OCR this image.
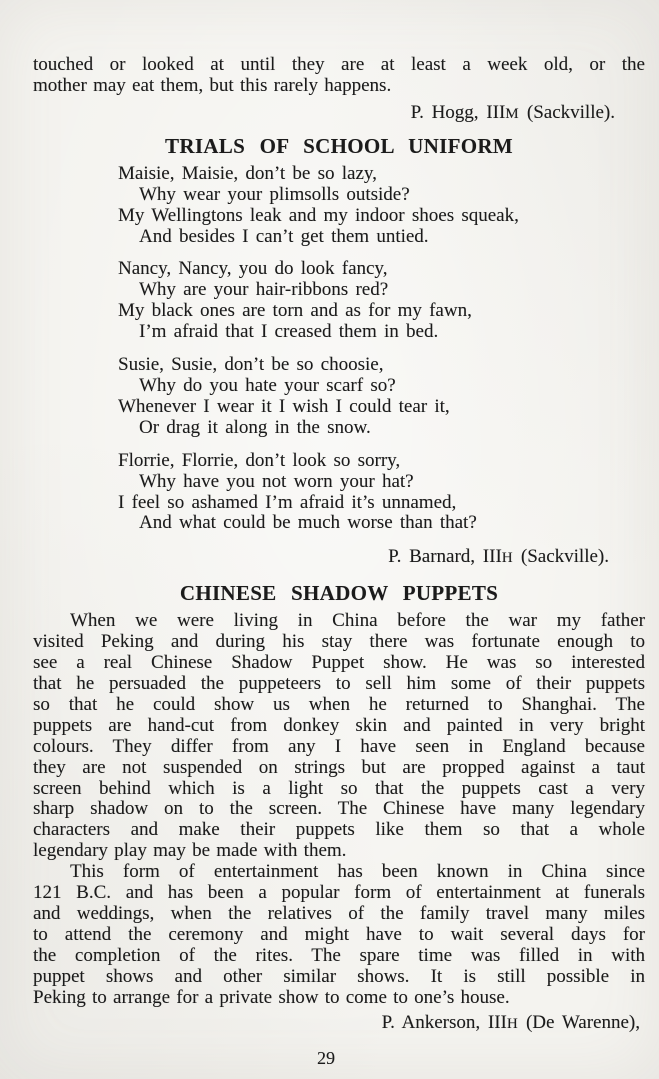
touched or looked at until they are at least a week old, or the
mother may eat them, but this rarely happens.
P. Hogg, IIIM (Sackville).
TRIALS OF SCHOOL UNIFORM
Maisie, Maisie, don’t be so lazy,
Why wear your plimsolls outside?
My Wellingtons leak and my indoor shoes squeak,
And besides I can’t get them untied.
Nancy, Nancy, you do look fancy,
Why are your hair-ribbons red?
My black ones are torn and as for my fawn,
I’m afraid that I creased them in bed.
Susie, Susie, don’t be so choosie,
Why do you hate your scarf so?
Whenever I wear it I wish I could tear it,
Or drag it along in the snow.
Florrie, Florrie, don’t look so sorry,
Why have you not worn your hat?
I feel so ashamed I’m afraid it’s unnamed,
And what could be much worse than that?
P. Barnard, IIIH (Sackville).
CHINESE SHADOW PUPPETS
When we were living in China before the war my father
visited Peking and during his stay there was fortunate enough to
see a real Chinese Shadow Puppet show. He was so interested
that he persuaded the puppeteers to sell him some of their puppets
so that he could show us when he returned to Shanghai. The
puppets are hand-cut from donkey skin and painted in very bright
colours. They differ from any I have seen in England because
they are not suspended on strings but are propped against a taut
screen behind which is a light so that the puppets cast a very
sharp shadow on to the screen. The Chinese have many legendary
characters and make their puppets like them so that a whole
legendary play may be made with them.
This form of entertainment has been known in China since
121 B.C. and has been a popular form of entertainment at funerals
and weddings, when the relatives of the family travel many miles
to attend the ceremony and might have to wait several days for
the completion of the rites. The spare time was filled in with
puppet shows and other similar shows. It is still possible in
Peking to arrange for a private show to come to one’s house.
P. Ankerson, IIIH (De Warenne),
29
